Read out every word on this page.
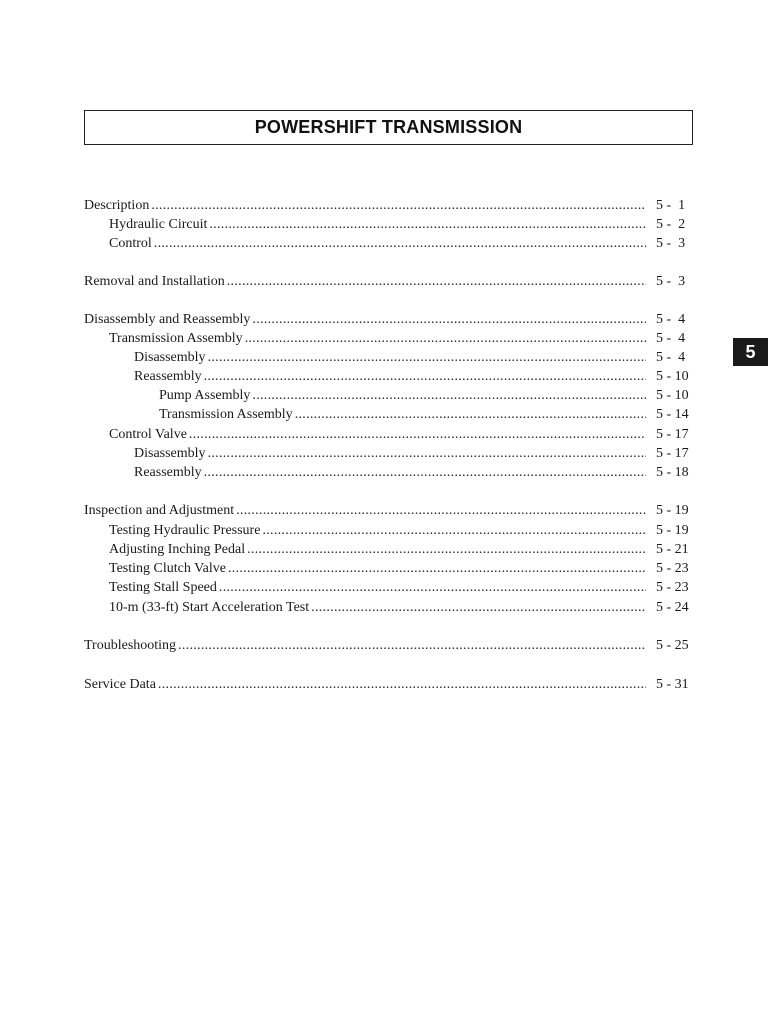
POWERSHIFT TRANSMISSION
5
Description .....	5 -  1
Hydraulic Circuit .....	5 -  2
Control .....	5 -  3
Removal and Installation .....	5 -  3
Disassembly and Reassembly .....	5 -  4
Transmission Assembly .....	5 -  4
Disassembly .....	5 -  4
Reassembly .....	5 - 10
Pump Assembly .....	5 - 10
Transmission Assembly .....	5 - 14
Control Valve .....	5 - 17
Disassembly .....	5 - 17
Reassembly .....	5 - 18
Inspection and Adjustment .....	5 - 19
Testing Hydraulic Pressure .....	5 - 19
Adjusting Inching Pedal .....	5 - 21
Testing Clutch Valve .....	5 - 23
Testing Stall Speed .....	5 - 23
10-m (33-ft) Start Acceleration Test .....	5 - 24
Troubleshooting .....	5 - 25
Service Data .....	5 - 31
